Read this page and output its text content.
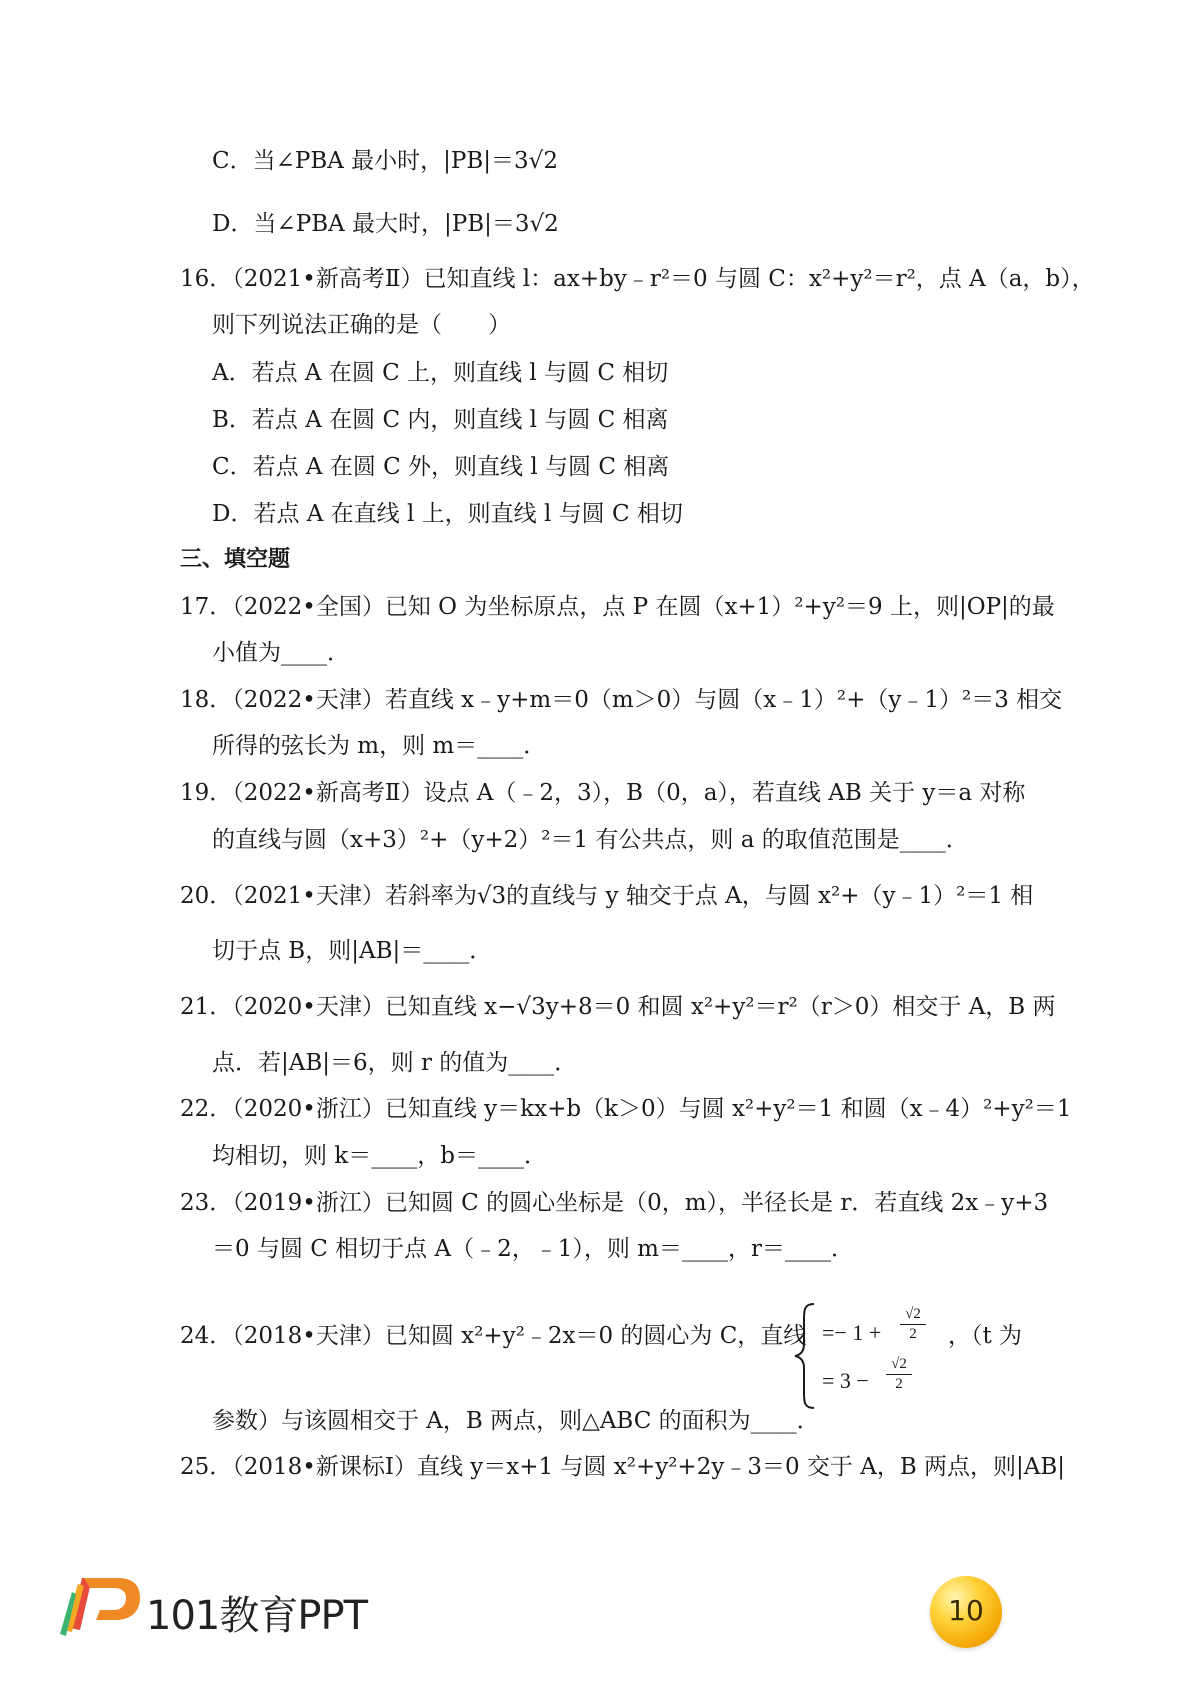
C．当∠PBA 最小时，|PB|＝3√2
D．当∠PBA 最大时，|PB|＝3√2
16．（2021•新高考Ⅱ）已知直线 l：ax+by﹣r²＝0 与圆 C：x²+y²＝r²，点 A（a，b），
则下列说法正确的是（　　）
A．若点 A 在圆 C 上，则直线 l 与圆 C 相切
B．若点 A 在圆 C 内，则直线 l 与圆 C 相离
C．若点 A 在圆 C 外，则直线 l 与圆 C 相离
D．若点 A 在直线 l 上，则直线 l 与圆 C 相切
三、填空题
17．（2022•全国）已知 O 为坐标原点，点 P 在圆（x+1）²+y²＝9 上，则|OP|的最
小值为____．
18．（2022•天津）若直线 x﹣y+m＝0（m＞0）与圆（x﹣1）²+（y﹣1）²＝3 相交
所得的弦长为 m，则 m＝____．
19．（2022•新高考Ⅱ）设点 A（﹣2，3），B（0，a），若直线 AB 关于 y＝a 对称
的直线与圆（x+3）²+（y+2）²＝1 有公共点，则 a 的取值范围是____．
20．（2021•天津）若斜率为√3的直线与 y 轴交于点 A，与圆 x²+（y﹣1）²＝1 相
切于点 B，则|AB|＝____．
21．（2020•天津）已知直线 x−√3y+8＝0 和圆 x²+y²＝r²（r＞0）相交于 A，B 两
点．若|AB|＝6，则 r 的值为____．
22．（2020•浙江）已知直线 y＝kx+b（k＞0）与圆 x²+y²＝1 和圆（x﹣4）²+y²＝1
均相切，则 k＝____，b＝____．
23．（2019•浙江）已知圆 C 的圆心坐标是（0，m），半径长是 r．若直线 2x﹣y+3
＝0 与圆 C 相切于点 A（﹣2，﹣1），则 m＝____，r＝____．
24．（2018•天津）已知圆 x²+y²﹣2x＝0 的圆心为 C，直线	，（t 为
参数）与该圆相交于 A，B 两点，则△ABC 的面积为____．
25．（2018•新课标Ⅰ）直线 y＝x+1 与圆 x²+y²+2y﹣3＝0 交于 A，B 两点，则|AB|
=− 1 +
√2
2
= 3 −
√2
2
101教育PPT	10
